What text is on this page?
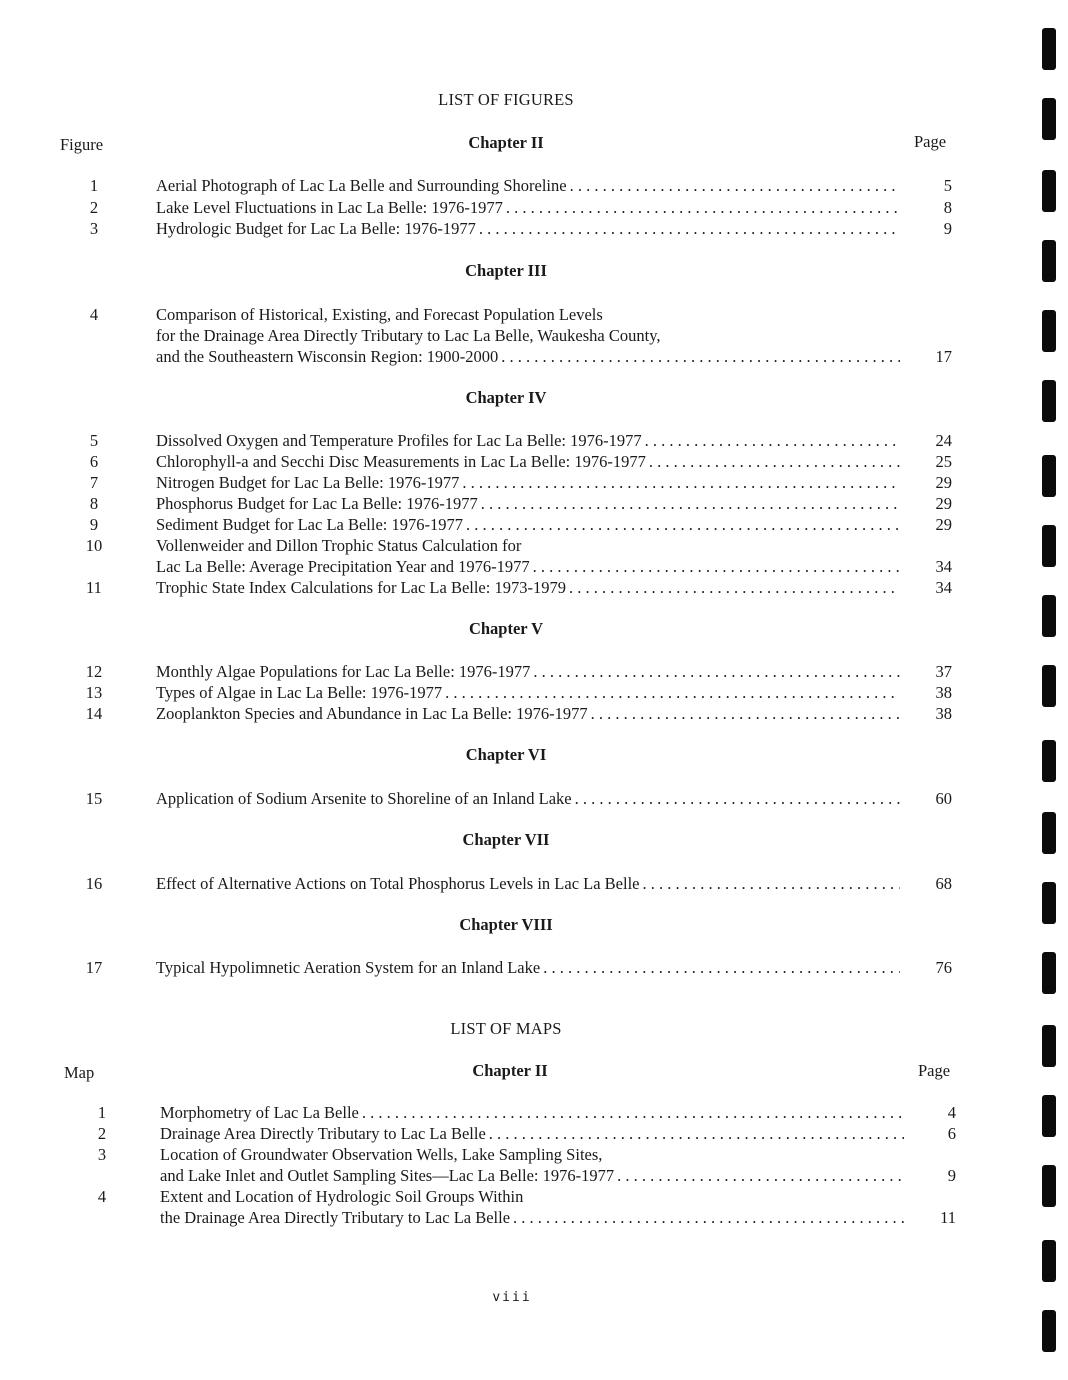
LIST OF FIGURES
Figure	Page
Chapter II
1	Aerial Photograph of Lac La Belle and Surrounding Shoreline . . .	5
2	Lake Level Fluctuations in Lac La Belle: 1976-1977 . . .	8
3	Hydrologic Budget for Lac La Belle: 1976-1977 . . .	9
Chapter III
4	Comparison of Historical, Existing, and Forecast Population Levels
for the Drainage Area Directly Tributary to Lac La Belle, Waukesha County,
and the Southeastern Wisconsin Region: 1900-2000 . . .	17
Chapter IV
5	Dissolved Oxygen and Temperature Profiles for Lac La Belle: 1976-1977 . . .	24
6	Chlorophyll-a and Secchi Disc Measurements in Lac La Belle: 1976-1977 . . .	25
7	Nitrogen Budget for Lac La Belle: 1976-1977 . . .	29
8	Phosphorus Budget for Lac La Belle: 1976-1977 . . .	29
9	Sediment Budget for Lac La Belle: 1976-1977 . . .	29
10	Vollenweider and Dillon Trophic Status Calculation for
Lac La Belle: Average Precipitation Year and 1976-1977 . . .	34
11	Trophic State Index Calculations for Lac La Belle: 1973-1979 . . .	34
Chapter V
12	Monthly Algae Populations for Lac La Belle: 1976-1977 . . .	37
13	Types of Algae in Lac La Belle: 1976-1977 . . .	38
14	Zooplankton Species and Abundance in Lac La Belle: 1976-1977 . . .	38
Chapter VI
15	Application of Sodium Arsenite to Shoreline of an Inland Lake . . .	60
Chapter VII
16	Effect of Alternative Actions on Total Phosphorus Levels in Lac La Belle . . .	68
Chapter VIII
17	Typical Hypolimnetic Aeration System for an Inland Lake . . .	76
LIST OF MAPS
Map	Page
Chapter II
1	Morphometry of Lac La Belle . . .	4
2	Drainage Area Directly Tributary to Lac La Belle . . .	6
3	Location of Groundwater Observation Wells, Lake Sampling Sites,
and Lake Inlet and Outlet Sampling Sites—Lac La Belle: 1976-1977 . . .	9
4	Extent and Location of Hydrologic Soil Groups Within
the Drainage Area Directly Tributary to Lac La Belle . . .	11
viii
